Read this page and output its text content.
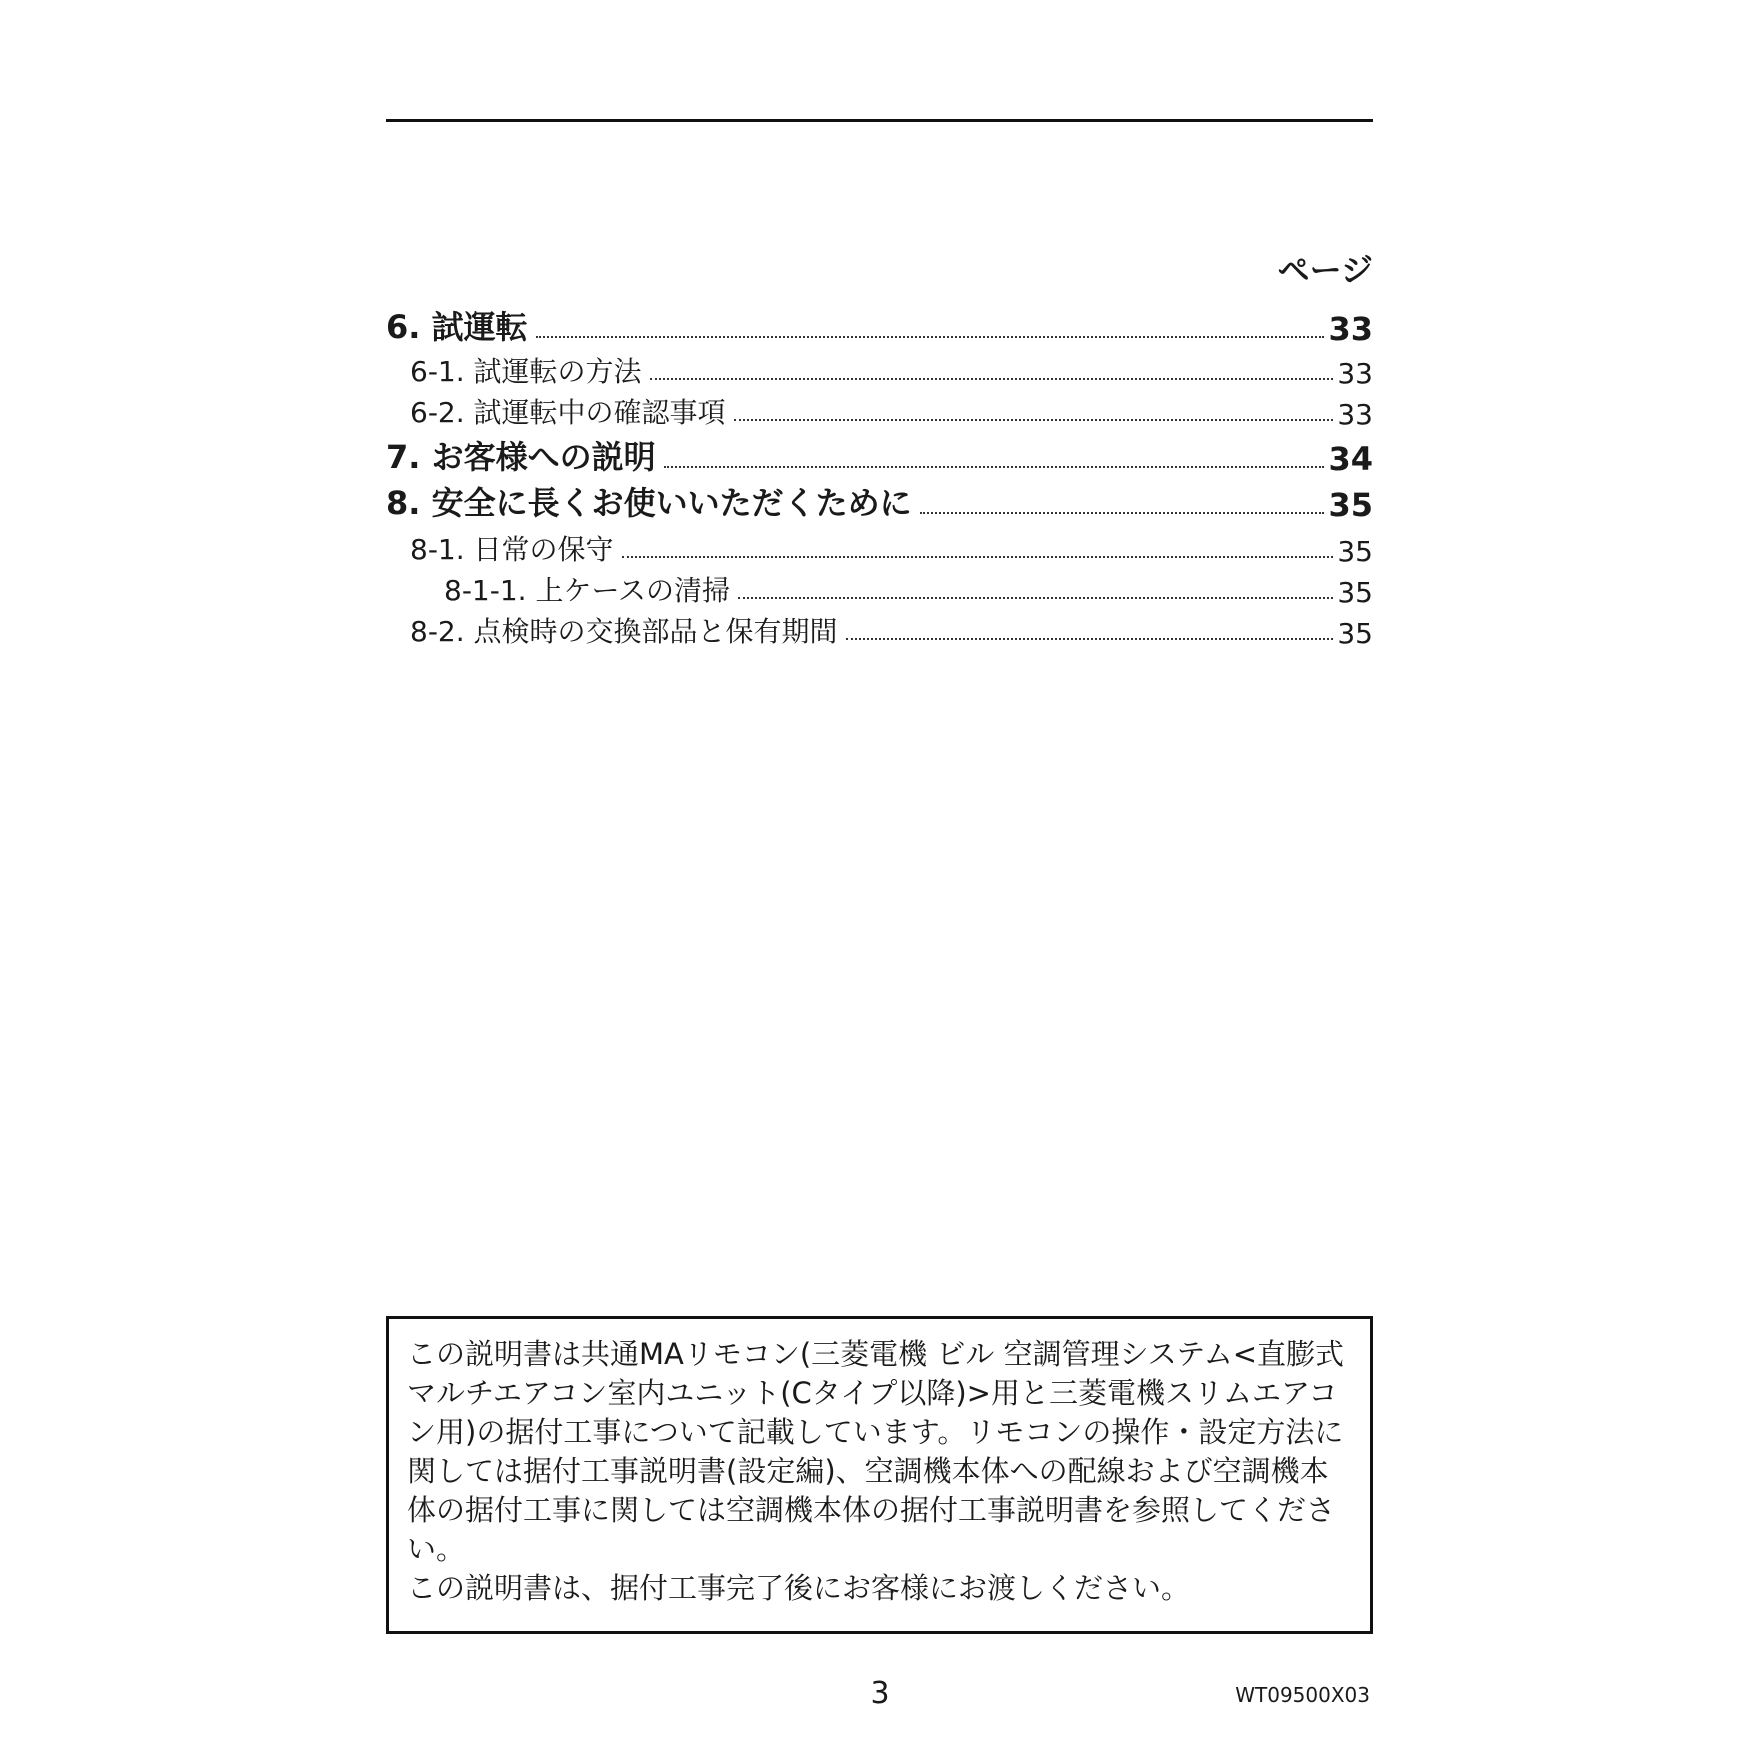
ページ
6. 試運転	33
6-1. 試運転の方法	33
6-2. 試運転中の確認事項	33
7. お客様への説明	34
8. 安全に長くお使いいただくために	35
8-1. 日常の保守	35
8-1-1. 上ケースの清掃	35
8-2. 点検時の交換部品と保有期間	35

この説明書は共通MAリモコン(三菱電機 ビル 空調管理システム<直膨式マルチエアコン室内ユニット(Cタイプ以降)>用と三菱電機スリムエアコン用)の据付工事について記載しています。リモコンの操作・設定方法に関しては据付工事説明書(設定編)、空調機本体への配線および空調機本体の据付工事に関しては空調機本体の据付工事説明書を参照してください。

この説明書は、据付工事完了後にお客様にお渡しください。

3	WT09500X03
